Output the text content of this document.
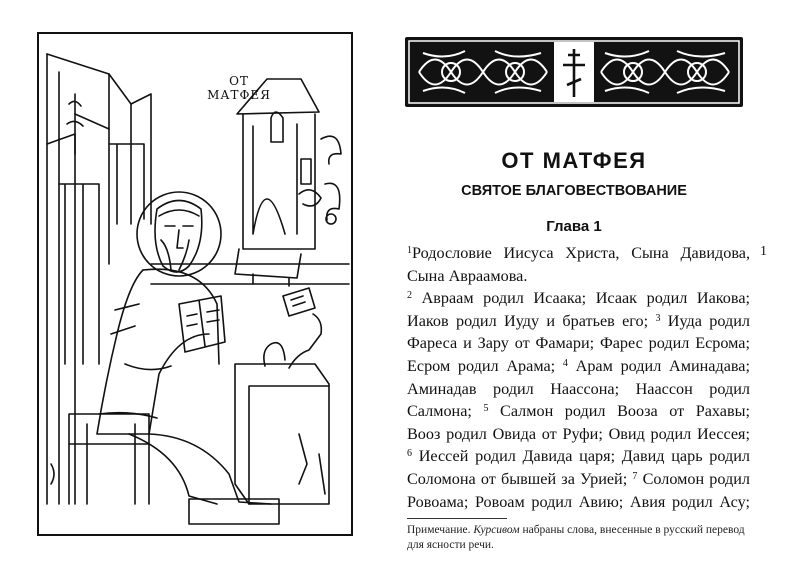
ОТ МАТФЕЯ
ОТ МАТФЕЯ
СВЯТОЕ БЛАГОВЕСТВОВАНИЕ
Глава 1
$^1$Родословие Иисуса Христа, Сына Давидова,
Сына Авраамова.
$^2$ Авраам родил Исаака; Исаак родил Иакова;
Иаков родил Иуду и братьев его; $^3$ Иуда родил
Фареса и Зару от Фамари; Фарес родил Есрома;
Есром родил Арама; $^4$ Арам родил Аминадава;
Аминадав родил Наассона; Наассон родил
Салмона; $^5$ Салмон родил Вооза от Рахавы;
Вооз родил Овида от Руфи; Овид родил Иессея;
$^6$ Иессей родил Давида царя; Давид царь родил
Соломона от бывшей за Урией; $^7$ Соломон родил
Ровоама; Ровоам родил Авию; Авия родил Асу;
1
Примечание. Курсивом набраны слова, внесенные в русский перевод для ясности речи.
